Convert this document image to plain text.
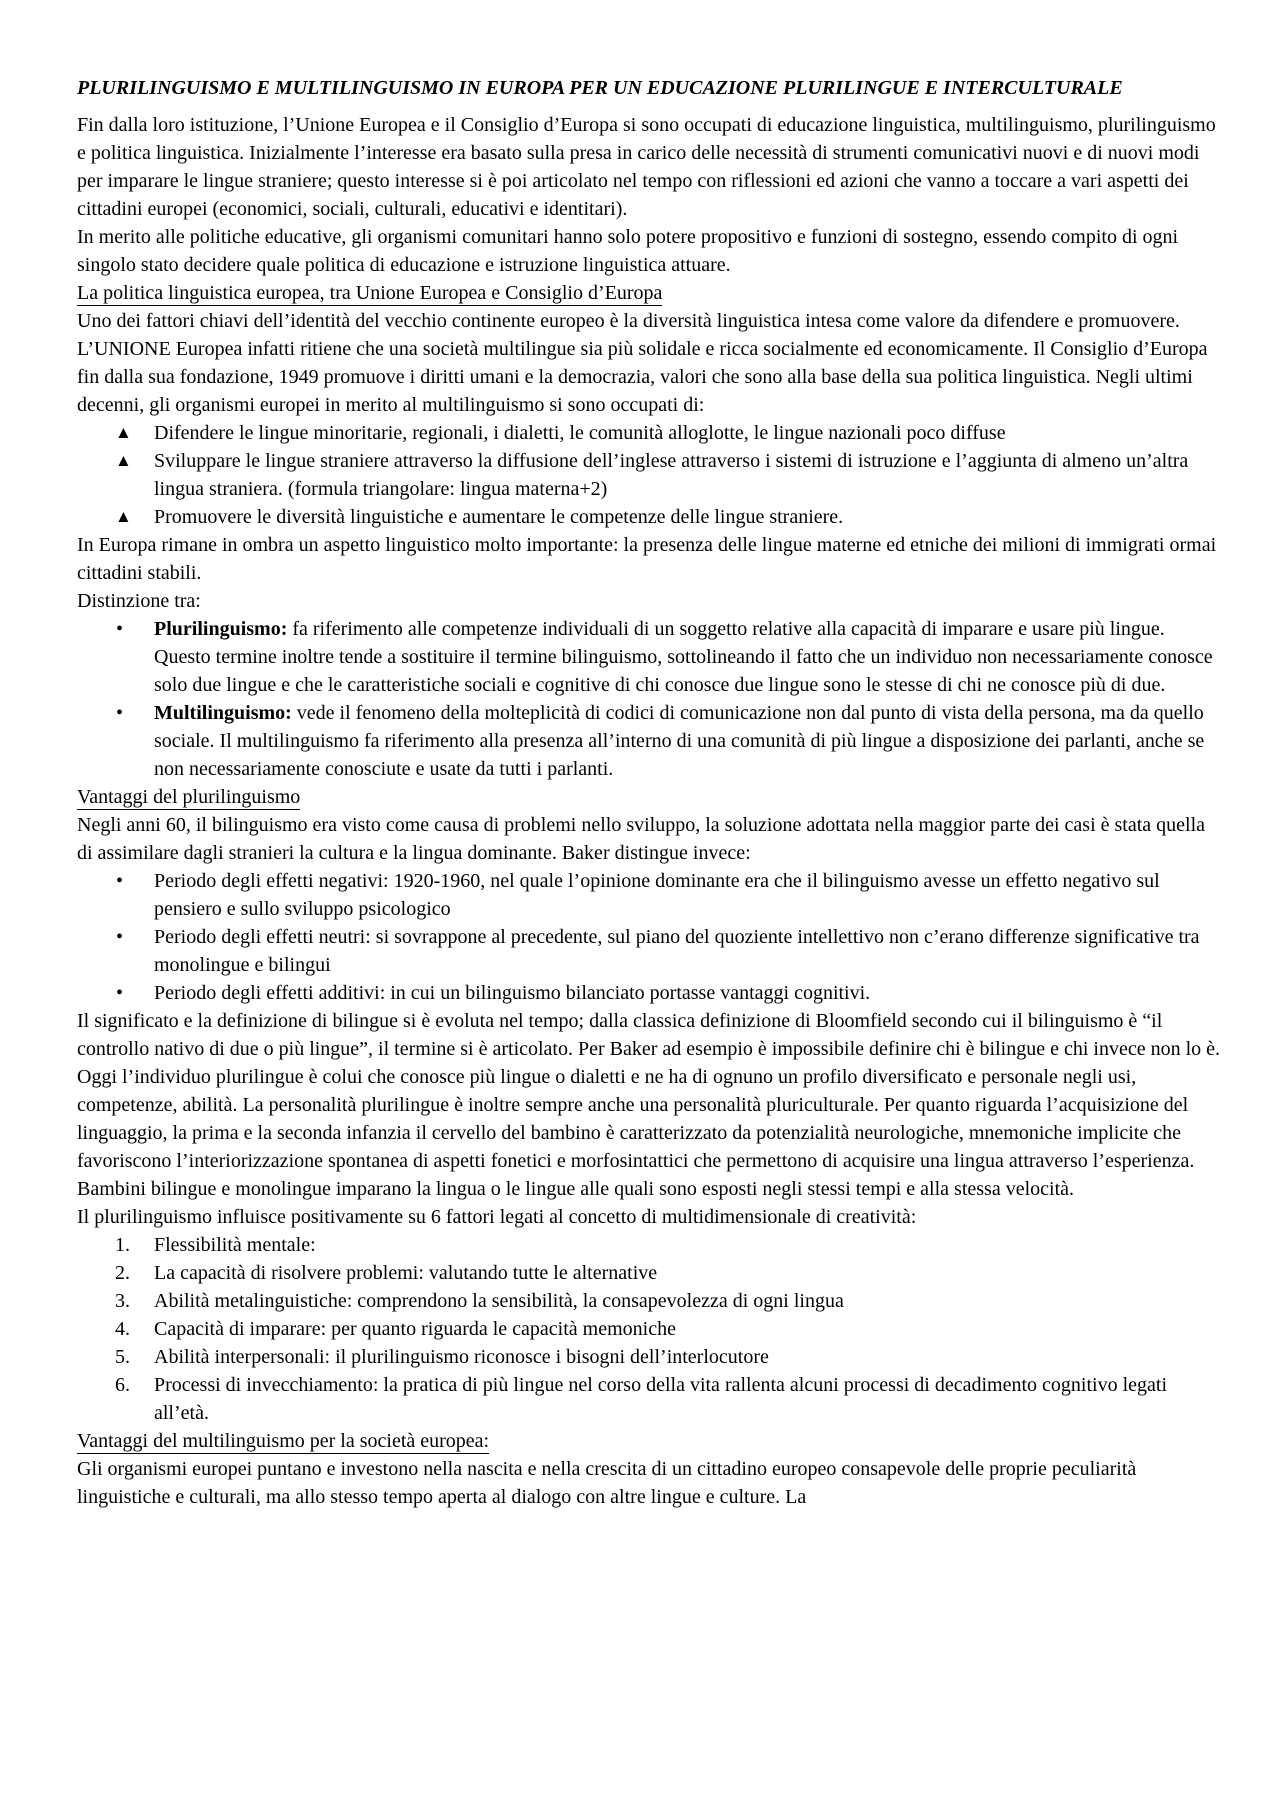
PLURILINGUISMO E MULTILINGUISMO IN EUROPA PER UN EDUCAZIONE PLURILINGUE E INTERCULTURALE

Fin dalla loro istituzione, l’Unione Europea e il Consiglio d’Europa si sono occupati di educazione linguistica, multilinguismo, plurilinguismo e politica linguistica. Inizialmente l’interesse era basato sulla presa in carico delle necessità di strumenti comunicativi nuovi e di nuovi modi per imparare le lingue straniere; questo interesse si è poi articolato nel tempo con riflessioni ed azioni che vanno a toccare a vari aspetti dei cittadini europei (economici, sociali, culturali, educativi e identitari).

In merito alle politiche educative, gli organismi comunitari hanno solo potere propositivo e funzioni di sostegno, essendo compito di ogni singolo stato decidere quale politica di educazione e istruzione linguistica attuare.

La politica linguistica europea, tra Unione Europea e Consiglio d’Europa

Uno dei fattori chiavi dell’identità del vecchio continente europeo è la diversità linguistica intesa come valore da difendere e promuovere. L’UNIONE Europea infatti ritiene che una società multilingue sia più solidale e ricca socialmente ed economicamente. Il Consiglio d’Europa fin dalla sua fondazione, 1949 promuove i diritti umani e la democrazia, valori che sono alla base della sua politica linguistica. Negli ultimi decenni, gli organismi europei in merito al multilinguismo si sono occupati di:

▲	Difendere le lingue minoritarie, regionali, i dialetti, le comunità alloglotte, le lingue nazionali poco diffuse
▲	Sviluppare le lingue straniere attraverso la diffusione dell’inglese attraverso i sistemi di istruzione e l’aggiunta di almeno un’altra lingua straniera. (formula triangolare: lingua materna+2)
▲	Promuovere le diversità linguistiche e aumentare le competenze delle lingue straniere.

In Europa rimane in ombra un aspetto linguistico molto importante: la presenza delle lingue materne ed etniche dei milioni di immigrati ormai cittadini stabili.

Distinzione tra:

•	Plurilinguismo: fa riferimento alle competenze individuali di un soggetto relative alla capacità di imparare e usare più lingue. Questo termine inoltre tende a sostituire il termine bilinguismo, sottolineando il fatto che un individuo non necessariamente conosce solo due lingue e che le caratteristiche sociali e cognitive di chi conosce due lingue sono le stesse di chi ne conosce più di due.
•	Multilinguismo: vede il fenomeno della molteplicità di codici di comunicazione non dal punto di vista della persona, ma da quello sociale. Il multilinguismo fa riferimento alla presenza all’interno di una comunità di più lingue a disposizione dei parlanti, anche se non necessariamente conosciute e usate da tutti i parlanti.
Vantaggi del plurilinguismo

Negli anni 60, il bilinguismo era visto come causa di problemi nello sviluppo, la soluzione adottata nella maggior parte dei casi è stata quella di assimilare dagli stranieri la cultura e la lingua dominante. Baker distingue invece:

•	Periodo degli effetti negativi: 1920-1960, nel quale l’opinione dominante era che il bilinguismo avesse un effetto negativo sul pensiero e sullo sviluppo psicologico
•	Periodo degli effetti neutri: si sovrappone al precedente, sul piano del quoziente intellettivo non c’erano differenze significative tra monolingue e bilingui
•	Periodo degli effetti additivi: in cui un bilinguismo bilanciato portasse vantaggi cognitivi.

Il significato e la definizione di bilingue si è evoluta nel tempo; dalla classica definizione di Bloomfield secondo cui il bilinguismo è “il controllo nativo di due o più lingue”, il termine si è articolato. Per Baker ad esempio è impossibile definire chi è bilingue e chi invece non lo è. Oggi l’individuo plurilingue è colui che conosce più lingue o dialetti e ne ha di ognuno un profilo diversificato e personale negli usi, competenze, abilità. La personalità plurilingue è inoltre sempre anche una personalità pluriculturale. Per quanto riguarda l’acquisizione del linguaggio, la prima e la seconda infanzia il cervello del bambino è caratterizzato da potenzialità neurologiche, mnemoniche implicite che favoriscono l’interiorizzazione spontanea di aspetti fonetici e morfosintattici che permettono di acquisire una lingua attraverso l’esperienza. Bambini bilingue e monolingue imparano la lingua o le lingue alle quali sono esposti negli stessi tempi e alla stessa velocità.

Il plurilinguismo influisce positivamente su 6 fattori legati al concetto di multidimensionale di creatività:

1.	Flessibilità mentale:
2.	La capacità di risolvere problemi: valutando tutte le alternative
3.	Abilità metalinguistiche: comprendono la sensibilità, la consapevolezza di ogni lingua
4.	Capacità di imparare: per quanto riguarda le capacità memoniche
5.	Abilità interpersonali: il plurilinguismo riconosce i bisogni dell’interlocutore
6.	Processi di invecchiamento: la pratica di più lingue nel corso della vita rallenta alcuni processi di decadimento cognitivo legati all’età.
Vantaggi del multilinguismo per la società europea:

Gli organismi europei puntano e investono nella nascita e nella crescita di un cittadino europeo consapevole delle proprie peculiarità linguistiche e culturali, ma allo stesso tempo aperta al dialogo con altre lingue e culture. La
